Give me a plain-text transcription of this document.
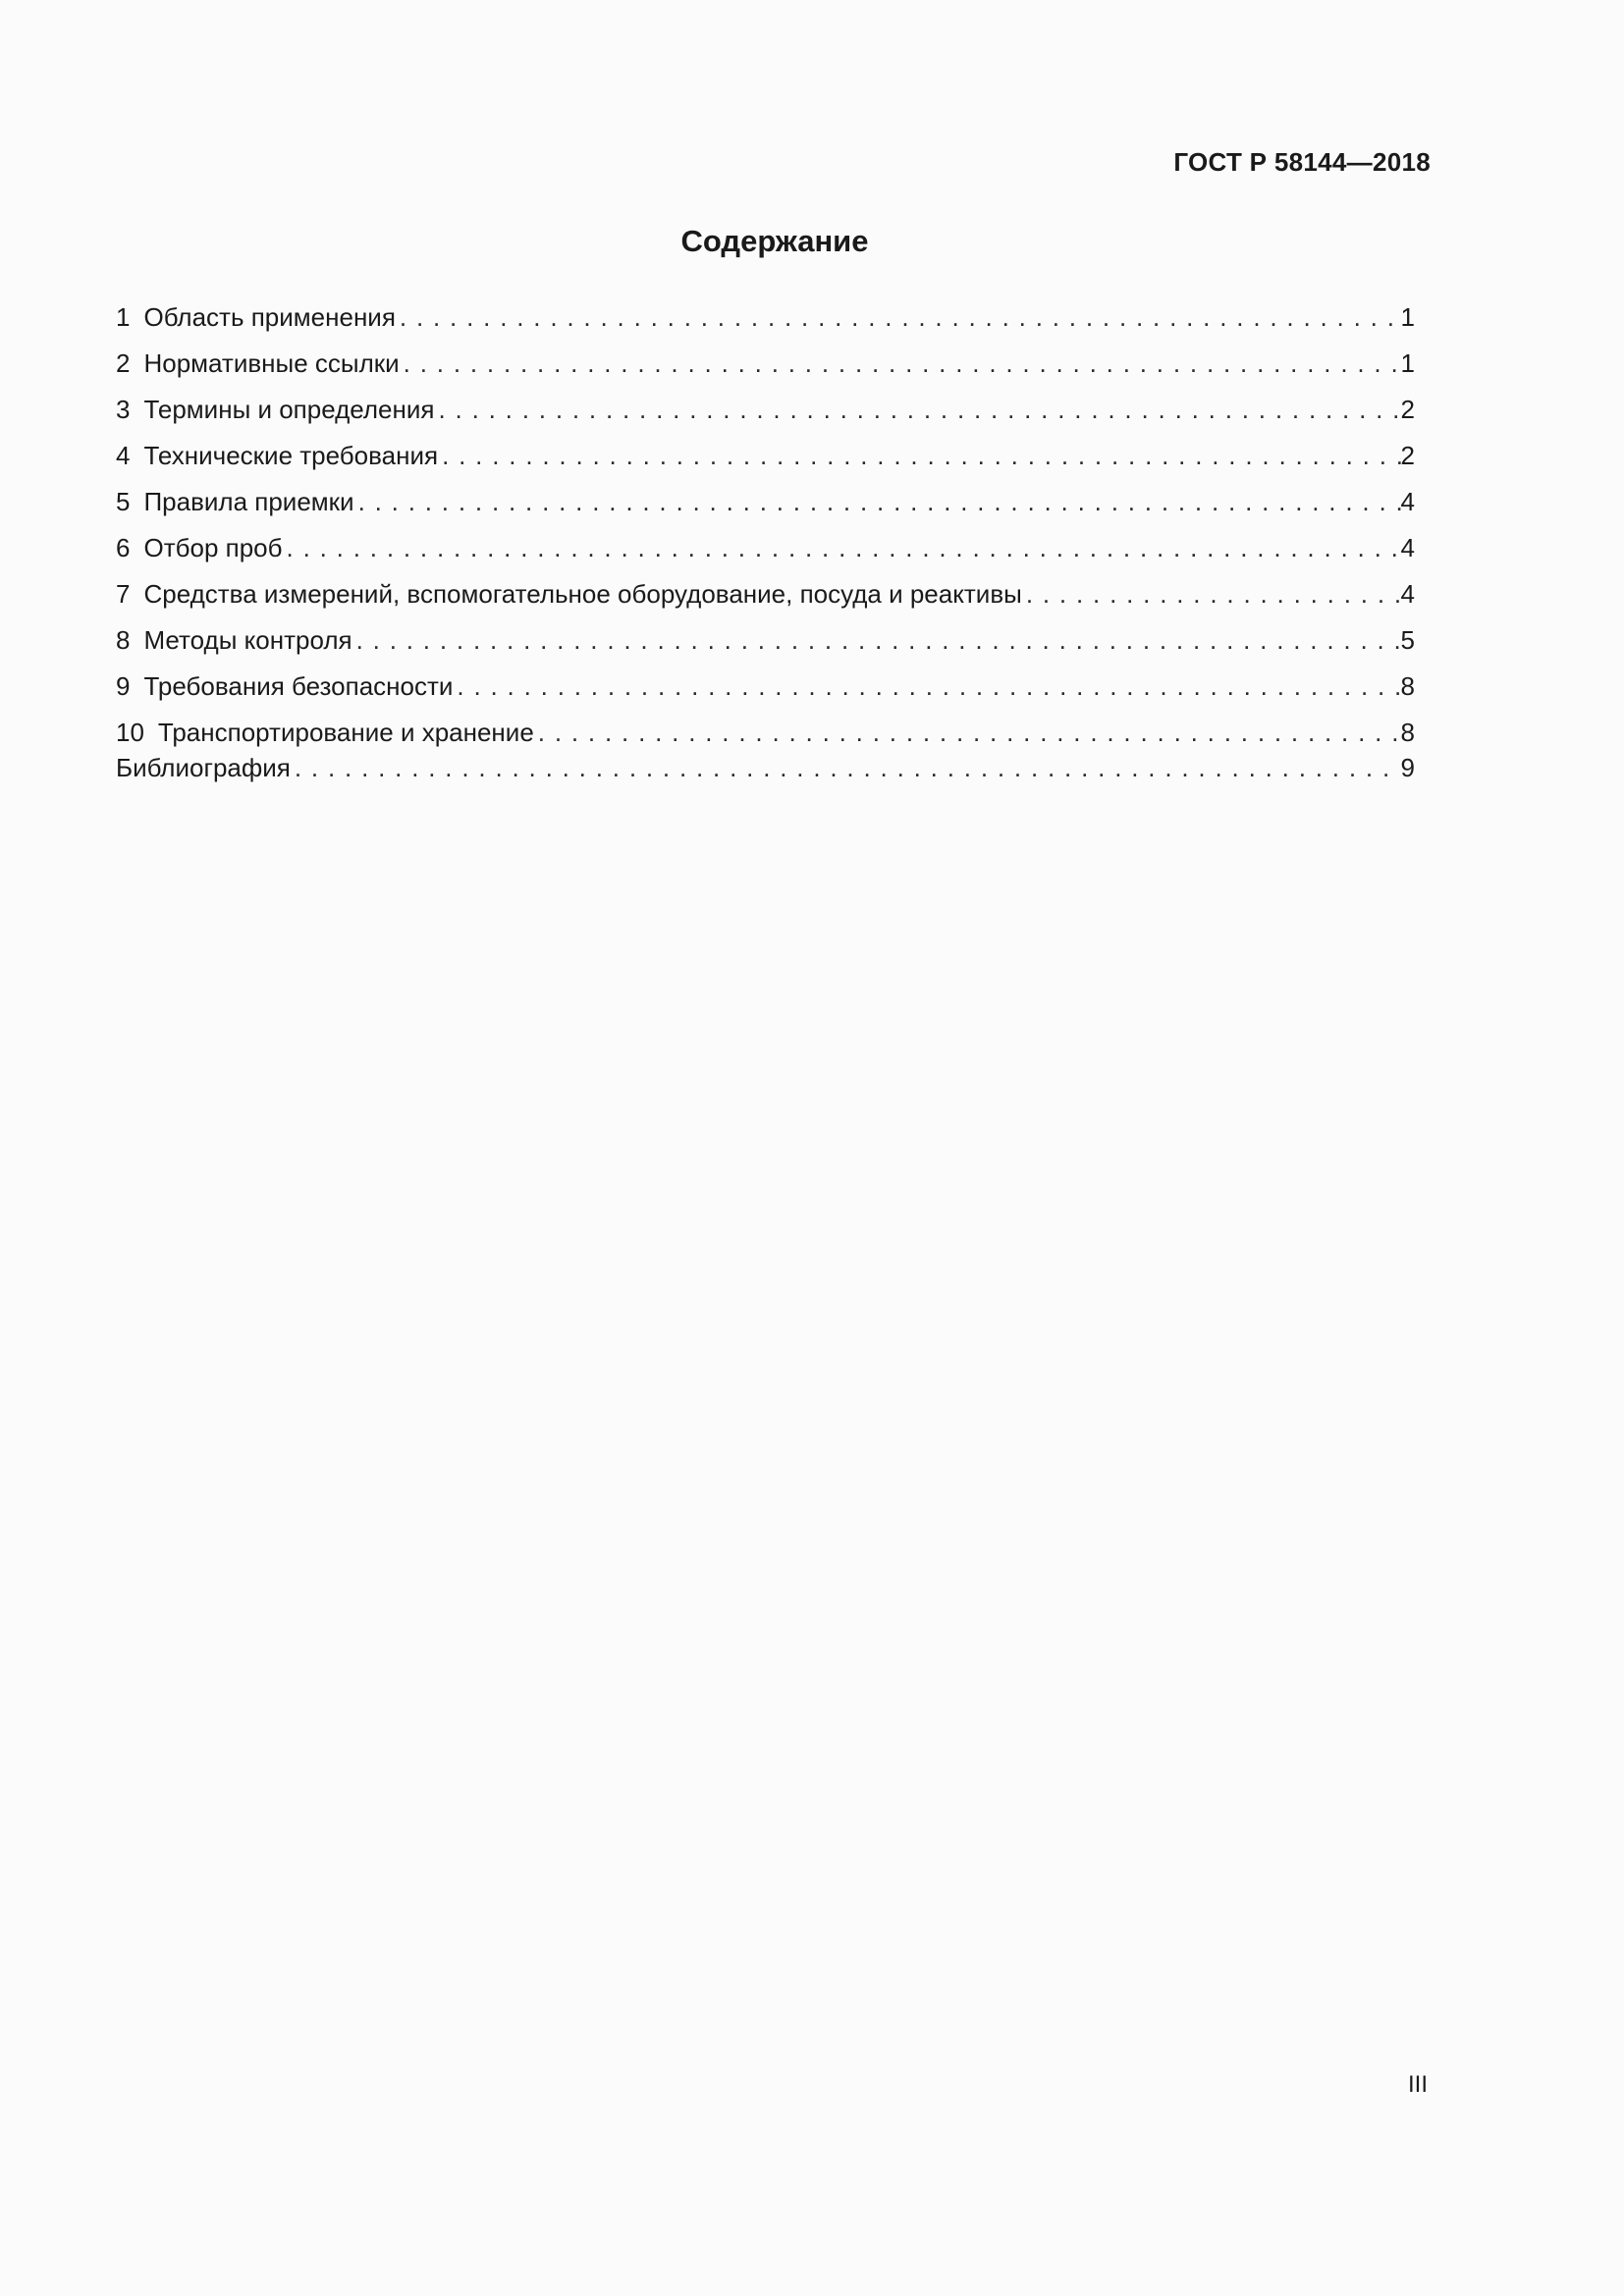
ГОСТ Р 58144—2018
Содержание
1 Область применения . . .	1
2 Нормативные ссылки . . .	1
3 Термины и определения . . .	2
4 Технические требования . . .	2
5 Правила приемки . . .	4
6 Отбор проб . . .	4
7 Средства измерений, вспомогательное оборудование, посуда и реактивы . . .	4
8 Методы контроля . . .	5
9 Требования безопасности . . .	8
10 Транспортирование и хранение . . .	8
Библиография . . .	9
III
